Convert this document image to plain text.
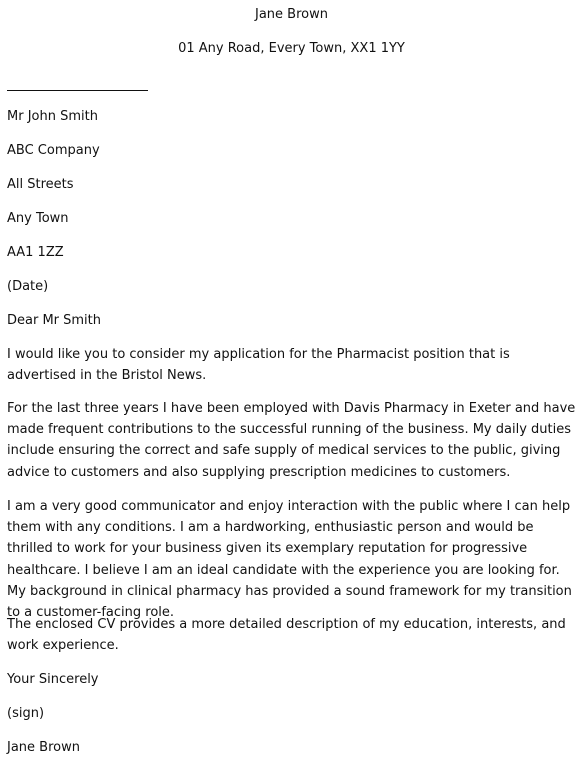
Jane Brown
01 Any Road, Every Town, XX1 1YY
Mr John Smith
ABC Company
All Streets
Any Town
AA1 1ZZ
(Date)
Dear Mr Smith
I would like you to consider my application for the Pharmacist position that is advertised in the Bristol News.
For the last three years I have been employed with Davis Pharmacy in Exeter and have made frequent contributions to the successful running of the business. My daily duties include ensuring the correct and safe supply of medical services to the public, giving advice to customers and also supplying prescription medicines to customers.
I am a very good communicator and enjoy interaction with the public where I can help them with any conditions. I am a hardworking, enthusiastic person and would be thrilled to work for your business given its exemplary reputation for progressive healthcare. I believe I am an ideal candidate with the experience you are looking for. My background in clinical pharmacy has provided a sound framework for my transition to a customer-facing role.
The enclosed CV provides a more detailed description of my education, interests, and work experience.
Your Sincerely
(sign)
Jane Brown
